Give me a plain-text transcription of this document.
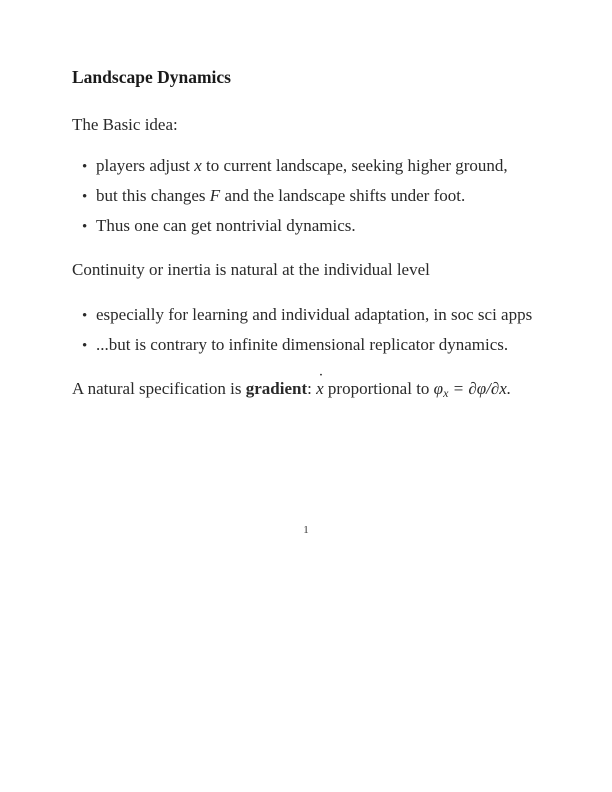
Landscape Dynamics
The Basic idea:
• players adjust x to current landscape, seeking higher ground,
• but this changes F and the landscape shifts under foot.
• Thus one can get nontrivial dynamics.
Continuity or inertia is natural at the individual level
• especially for learning and individual adaptation, in soc sci apps
• ...but is contrary to infinite dimensional replicator dynamics.
A natural specification is gradient: ˙ x proportional to $\varphi_x = \partial\varphi/\partial x$.
1
